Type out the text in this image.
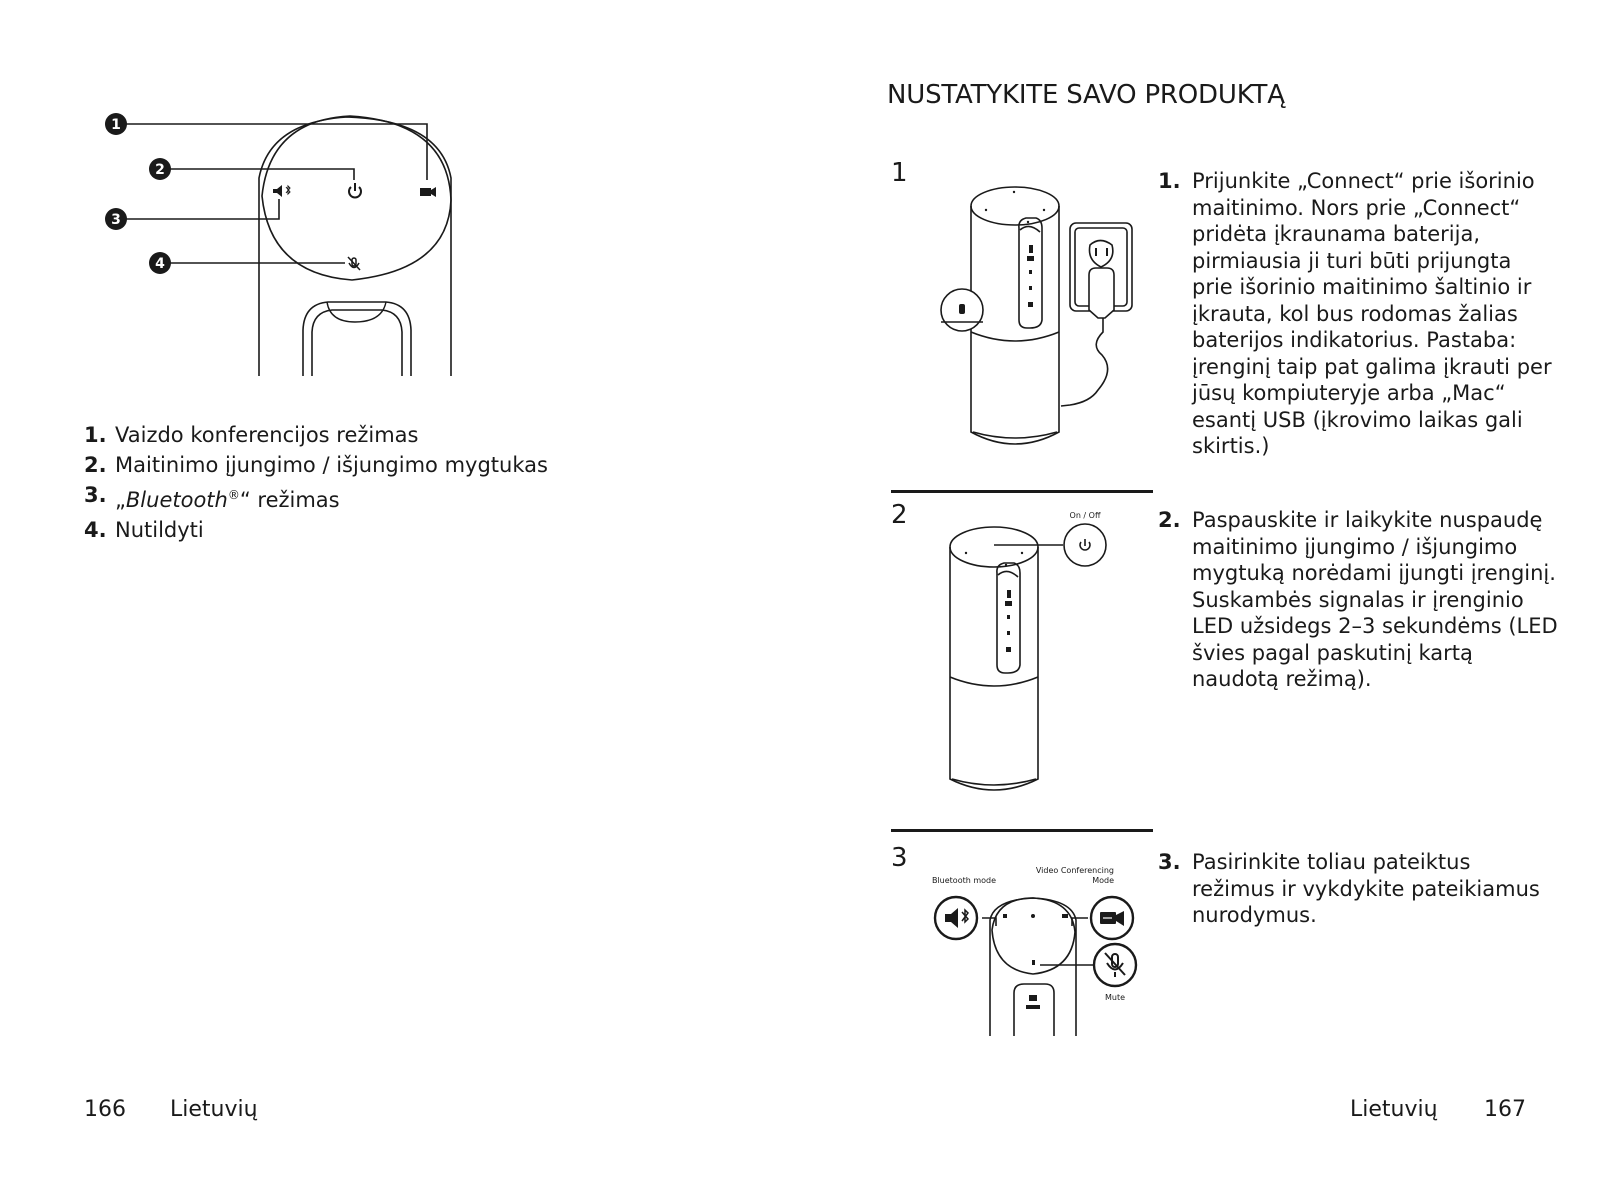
1
2
3
4
1. Vaizdo konferencijos režimas
2. Maitinimo įjungimo / išjungimo mygtukas
3. „Bluetooth®“ režimas
4. Nutildyti
166 Lietuvių
NUSTATYKITE SAVO PRODUKTĄ
1	1. Prijunkite „Connect“ prie išorinio maitinimo. Nors prie „Connect“ pridėta įkraunama baterija, pirmiausia ji turi būti prijungta prie išorinio maitinimo šaltinio ir įkrauta, kol bus rodomas žalias baterijos indikatorius. Pastaba: įrenginį taip pat galima įkrauti per jūsų kompiuteryje arba „Mac“ esantį USB (įkrovimo laikas gali skirtis.)
2	On / Off	2. Paspauskite ir laikykite nuspaudę maitinimo įjungimo / išjungimo mygtuką norėdami įjungti įrenginį. Suskambės signalas ir įrenginio LED užsidegs 2–3 sekundėms (LED švies pagal paskutinį kartą naudotą režimą).
3
Bluetooth mode
Video Conferencing
Mode
Mute
3. Pasirinkite toliau pateiktus režimus ir vykdykite pateikiamus nurodymus.
Lietuvių 167
